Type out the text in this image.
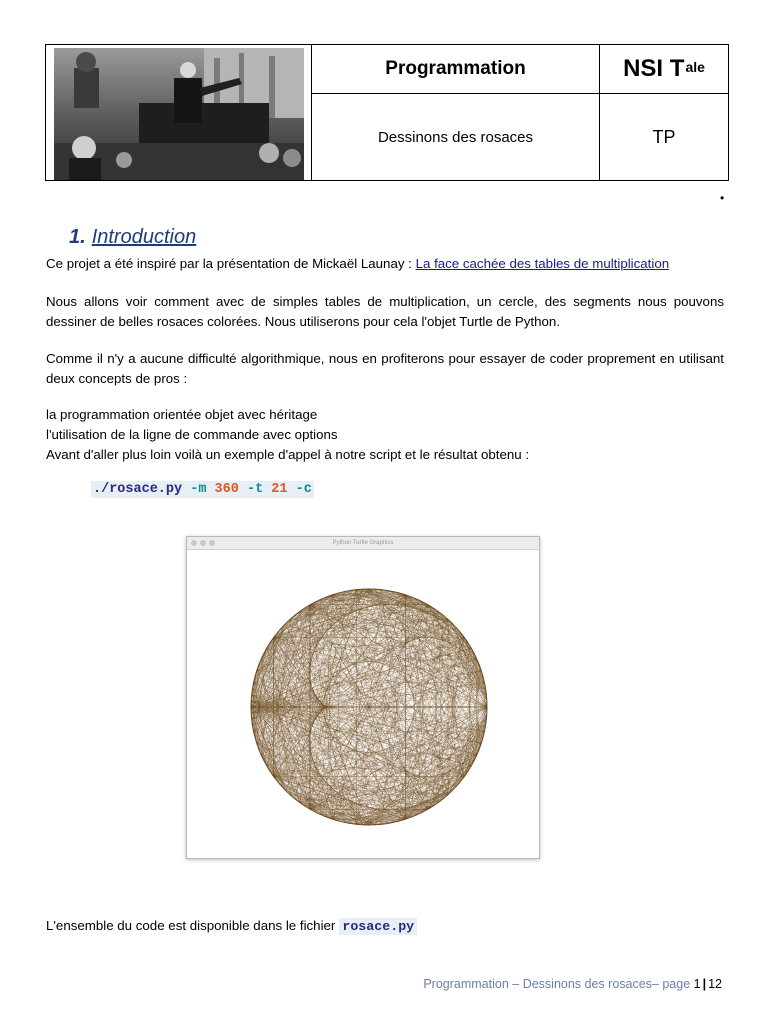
Programmation	NSI $T^{ale}$
Dessinons des rosaces	TP
•
1. Introduction
Ce projet a été inspiré par la présentation de Mickaël Launay : La face cachée des tables de multiplication
Nous allons voir comment avec de simples tables de multiplication, un cercle, des segments nous pouvons dessiner de belles rosaces colorées. Nous utiliserons pour cela l'objet Turtle de Python.
Comme il n'y a aucune difficulté algorithmique, nous en profiterons pour essayer de coder proprement en utilisant deux concepts de pros :
la programmation orientée objet avec héritage
l'utilisation de la ligne de commande avec options
Avant d'aller plus loin voilà un exemple d'appel à notre script et le résultat obtenu :
./rosace.py -m 360 -t 21 -c
Python Turtle Graphics
L'ensemble du code est disponible dans le fichier rosace.py
Programmation – Dessinons des rosaces– page 1 | 12
